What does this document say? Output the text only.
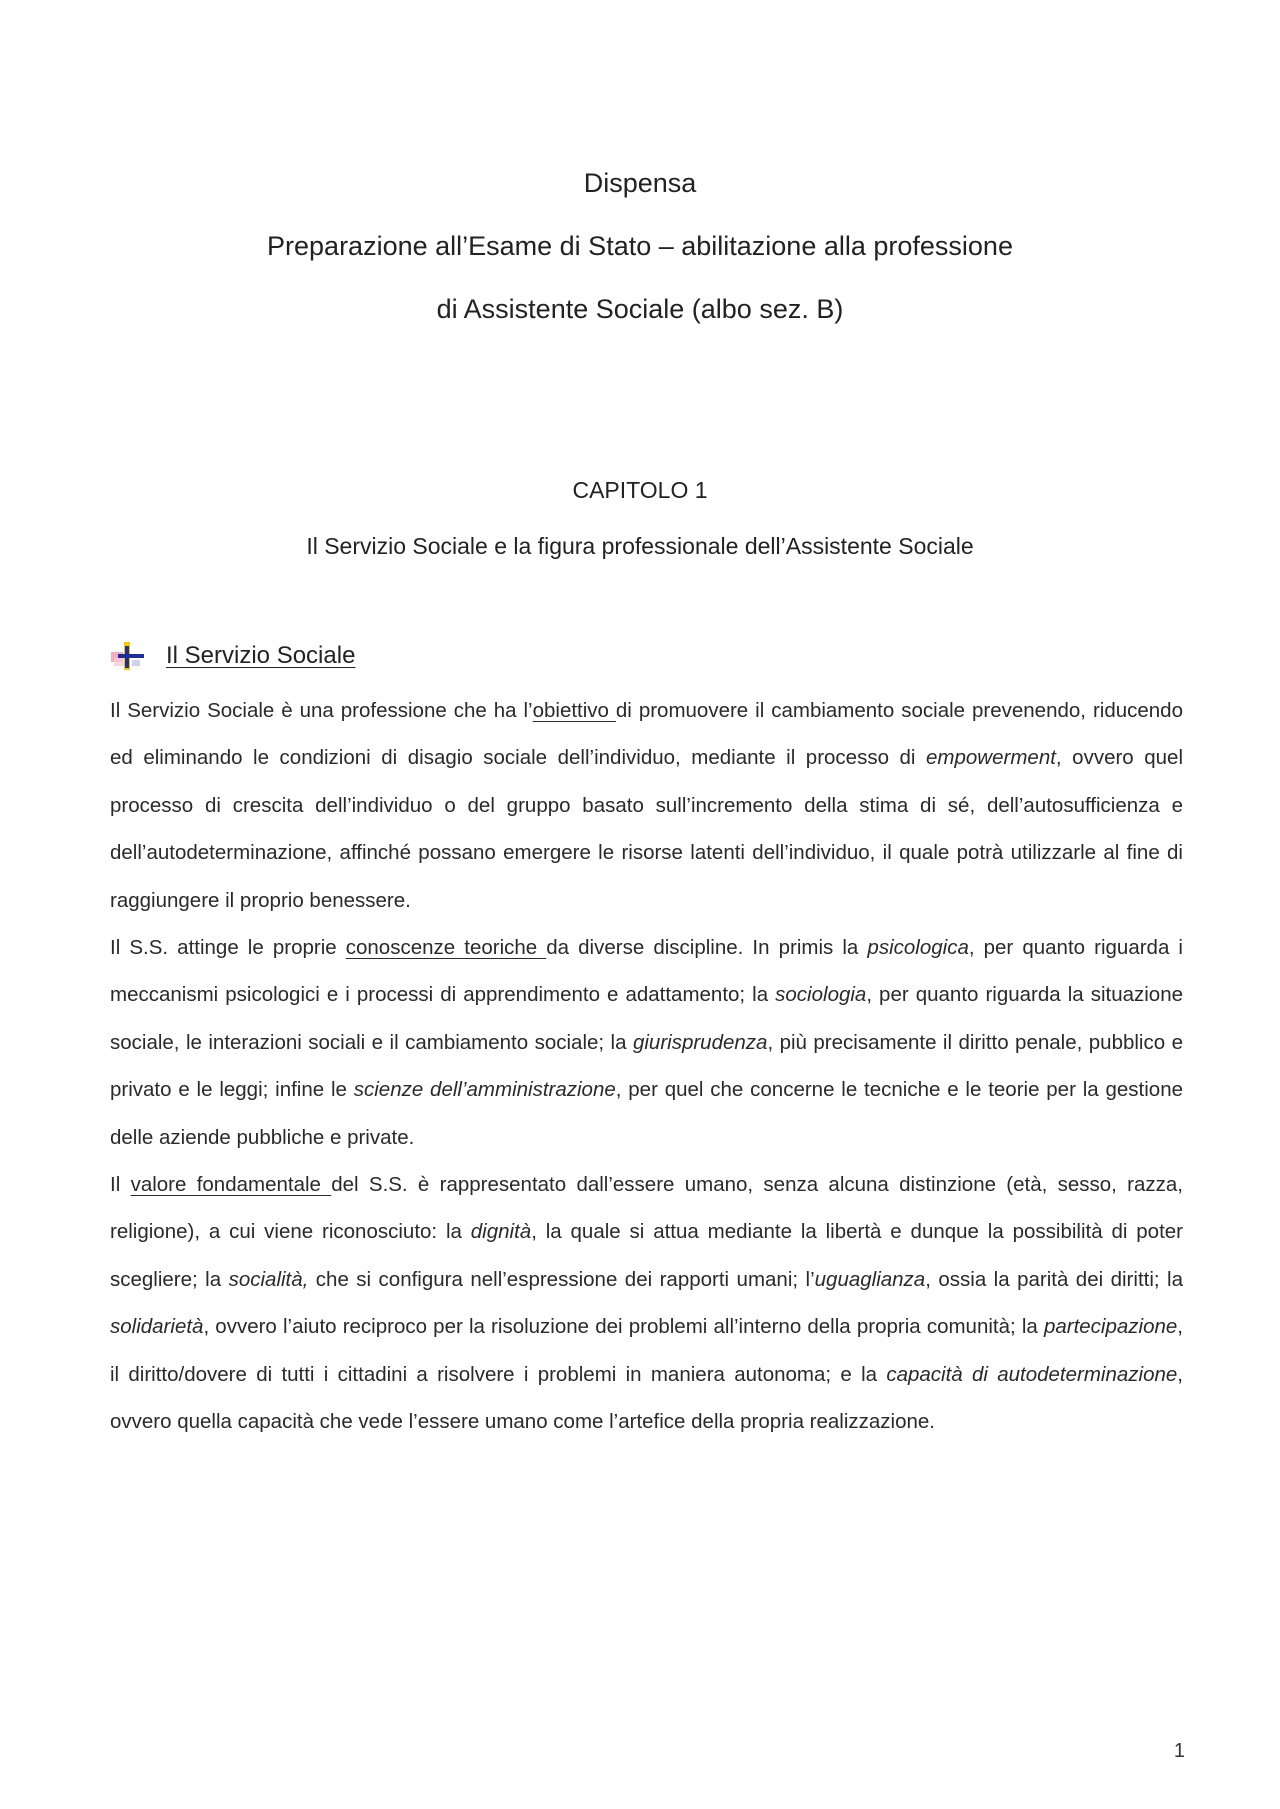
Dispensa
Preparazione all’Esame di Stato – abilitazione alla professione
di Assistente Sociale (albo sez. B)
CAPITOLO 1
Il Servizio Sociale e la figura professionale dell’Assistente Sociale
Il Servizio Sociale

Il Servizio Sociale è una professione che ha l’obiettivo di promuovere il cambiamento sociale prevenendo, riducendo ed eliminando le condizioni di disagio sociale dell’individuo, mediante il processo di empowerment, ovvero quel processo di crescita dell’individuo o del gruppo basato sull’incremento della stima di sé, dell’autosufficienza e dell’autodeterminazione, affinché possano emergere le risorse latenti dell’individuo, il quale potrà utilizzarle al fine di raggiungere il proprio benessere.

Il S.S. attinge le proprie conoscenze teoriche da diverse discipline. In primis la psicologica, per quanto riguarda i meccanismi psicologici e i processi di apprendimento e adattamento; la sociologia, per quanto riguarda la situazione sociale, le interazioni sociali e il cambiamento sociale; la giurisprudenza, più precisamente il diritto penale, pubblico e privato e le leggi; infine le scienze dell’amministrazione, per quel che concerne le tecniche e le teorie per la gestione delle aziende pubbliche e private.

Il valore fondamentale del S.S. è rappresentato dall’essere umano, senza alcuna distinzione (età, sesso, razza, religione), a cui viene riconosciuto: la dignità, la quale si attua mediante la libertà e dunque la possibilità di poter scegliere; la socialità, che si configura nell’espressione dei rapporti umani; l’uguaglianza, ossia la parità dei diritti; la solidarietà, ovvero l’aiuto reciproco per la risoluzione dei problemi all’interno della propria comunità; la partecipazione, il diritto/dovere di tutti i cittadini a risolvere i problemi in maniera autonoma; e la capacità di autodeterminazione, ovvero quella capacità che vede l’essere umano come l’artefice della propria realizzazione.

1
